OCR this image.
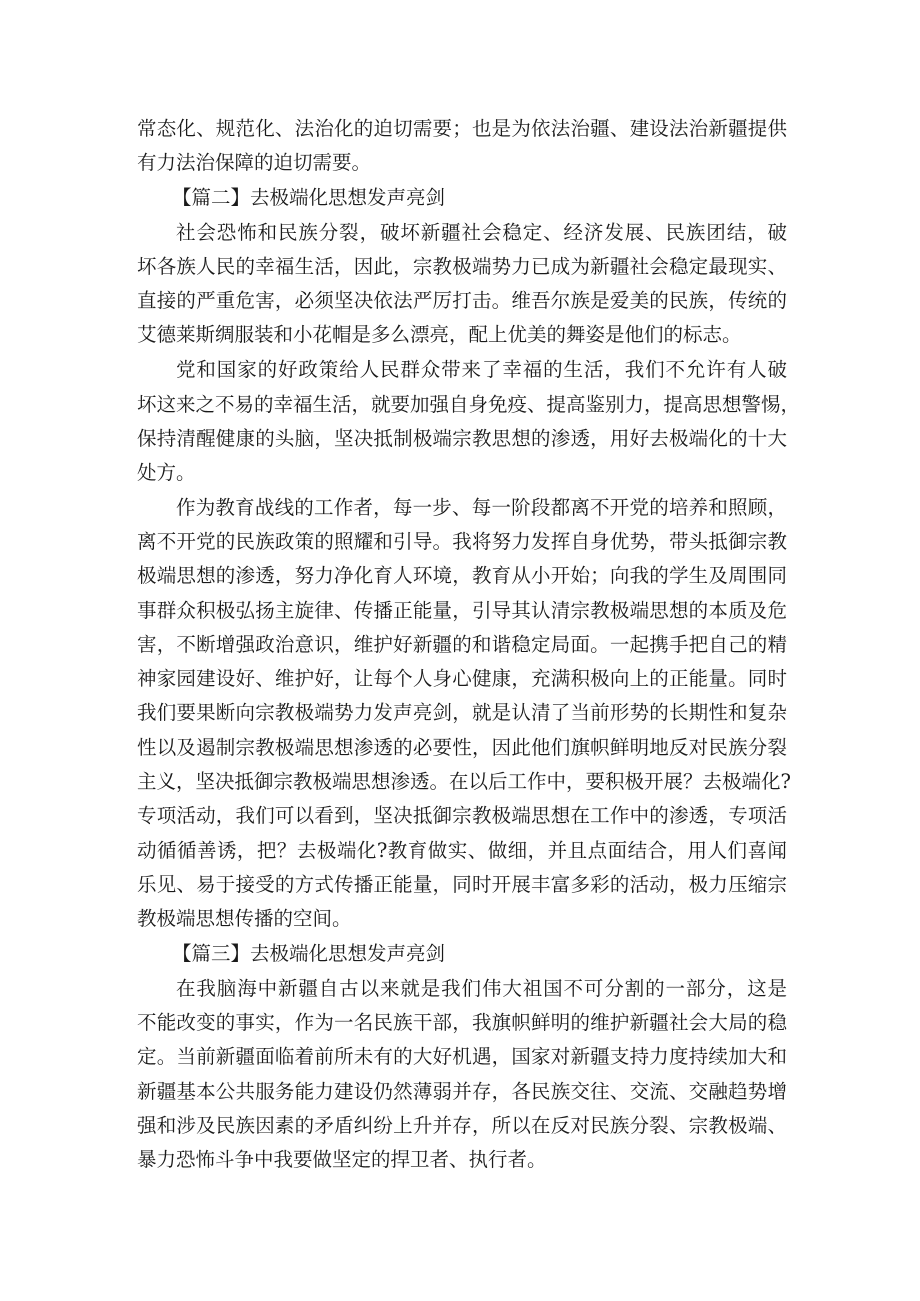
常态化、规范化、法治化的迫切需要；也是为依法治疆、建设法治新疆提供
有力法治保障的迫切需要。
【篇二】去极端化思想发声亮剑
社会恐怖和民族分裂，破坏新疆社会稳定、经济发展、民族团结，破
坏各族人民的幸福生活，因此，宗教极端势力已成为新疆社会稳定最现实、
直接的严重危害，必须坚决依法严厉打击。维吾尔族是爱美的民族，传统的
艾德莱斯绸服装和小花帽是多么漂亮，配上优美的舞姿是他们的标志。
党和国家的好政策给人民群众带来了幸福的生活，我们不允许有人破
坏这来之不易的幸福生活，就要加强自身免疫、提高鉴别力，提高思想警惕，
保持清醒健康的头脑，坚决抵制极端宗教思想的渗透，用好去极端化的十大
处方。
作为教育战线的工作者，每一步、每一阶段都离不开党的培养和照顾，
离不开党的民族政策的照耀和引导。我将努力发挥自身优势，带头抵御宗教
极端思想的渗透，努力净化育人环境，教育从小开始；向我的学生及周围同
事群众积极弘扬主旋律、传播正能量，引导其认清宗教极端思想的本质及危
害，不断增强政治意识，维护好新疆的和谐稳定局面。一起携手把自己的精
神家园建设好、维护好，让每个人身心健康，充满积极向上的正能量。同时
我们要果断向宗教极端势力发声亮剑，就是认清了当前形势的长期性和复杂
性以及遏制宗教极端思想渗透的必要性，因此他们旗帜鲜明地反对民族分裂
主义，坚决抵御宗教极端思想渗透。在以后工作中，要积极开展？去极端化?
专项活动，我们可以看到，坚决抵御宗教极端思想在工作中的渗透，专项活
动循循善诱，把？去极端化?教育做实、做细，并且点面结合，用人们喜闻
乐见、易于接受的方式传播正能量，同时开展丰富多彩的活动，极力压缩宗
教极端思想传播的空间。
【篇三】去极端化思想发声亮剑
在我脑海中新疆自古以来就是我们伟大祖国不可分割的一部分，这是
不能改变的事实，作为一名民族干部，我旗帜鲜明的维护新疆社会大局的稳
定。当前新疆面临着前所未有的大好机遇，国家对新疆支持力度持续加大和
新疆基本公共服务能力建设仍然薄弱并存，各民族交往、交流、交融趋势增
强和涉及民族因素的矛盾纠纷上升并存，所以在反对民族分裂、宗教极端、
暴力恐怖斗争中我要做坚定的捍卫者、执行者。
